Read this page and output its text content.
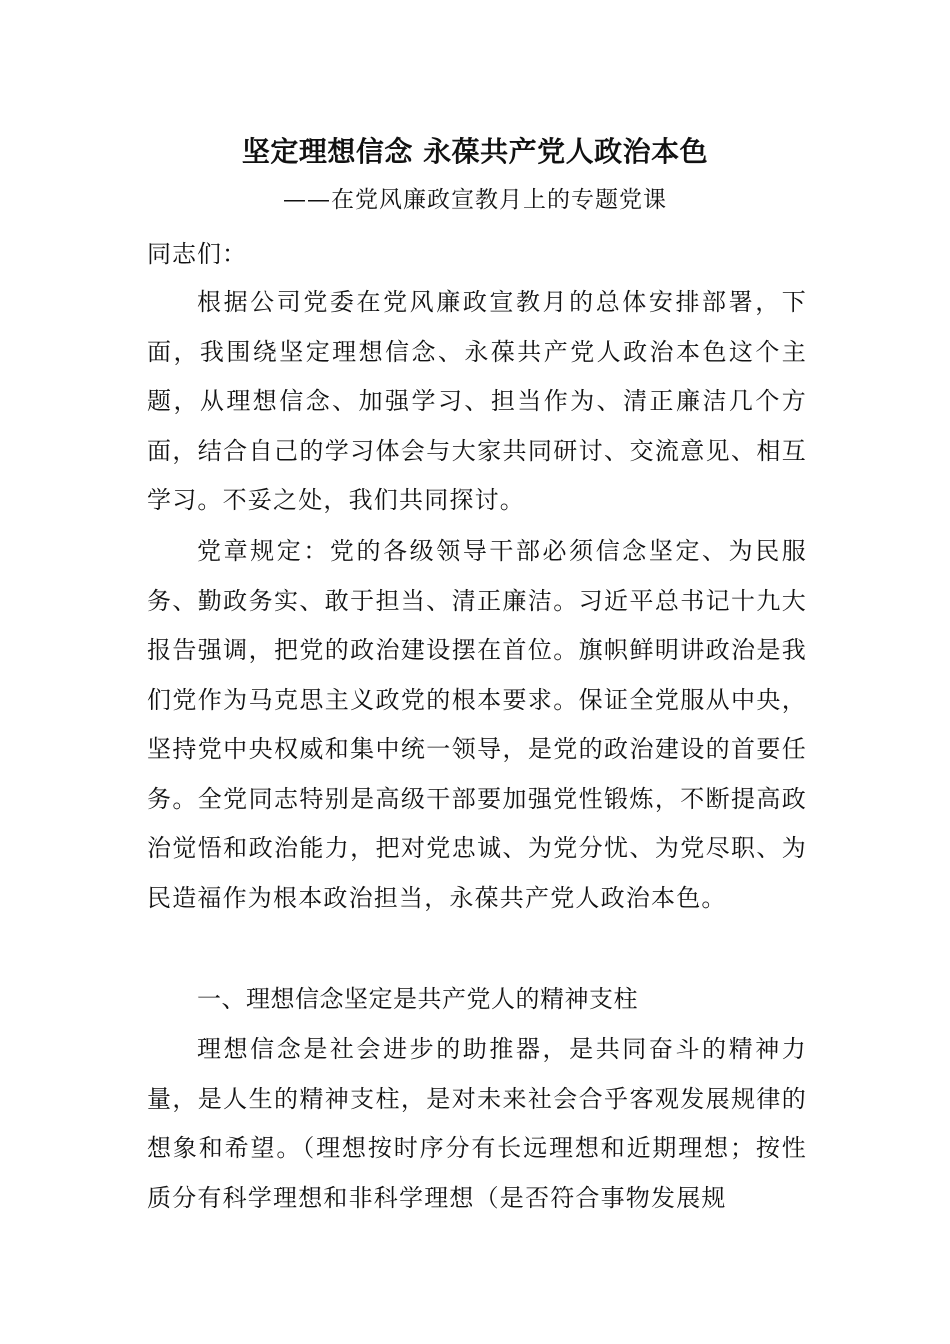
坚定理想信念 永葆共产党人政治本色
——在党风廉政宣教月上的专题党课

同志们：

根据公司党委在党风廉政宣教月的总体安排部署，下面，我围绕坚定理想信念、永葆共产党人政治本色这个主题，从理想信念、加强学习、担当作为、清正廉洁几个方面，结合自己的学习体会与大家共同研讨、交流意见、相互学习。不妥之处，我们共同探讨。

党章规定：党的各级领导干部必须信念坚定、为民服务、勤政务实、敢于担当、清正廉洁。习近平总书记十九大报告强调，把党的政治建设摆在首位。旗帜鲜明讲政治是我们党作为马克思主义政党的根本要求。保证全党服从中央，坚持党中央权威和集中统一领导，是党的政治建设的首要任务。全党同志特别是高级干部要加强党性锻炼，不断提高政治觉悟和政治能力，把对党忠诚、为党分忧、为党尽职、为民造福作为根本政治担当，永葆共产党人政治本色。

一、理想信念坚定是共产党人的精神支柱

理想信念是社会进步的助推器，是共同奋斗的精神力量，是人生的精神支柱，是对未来社会合乎客观发展规律的想象和希望。（理想按时序分有长远理想和近期理想；按性质分有科学理想和非科学理想（是否符合事物发展规
